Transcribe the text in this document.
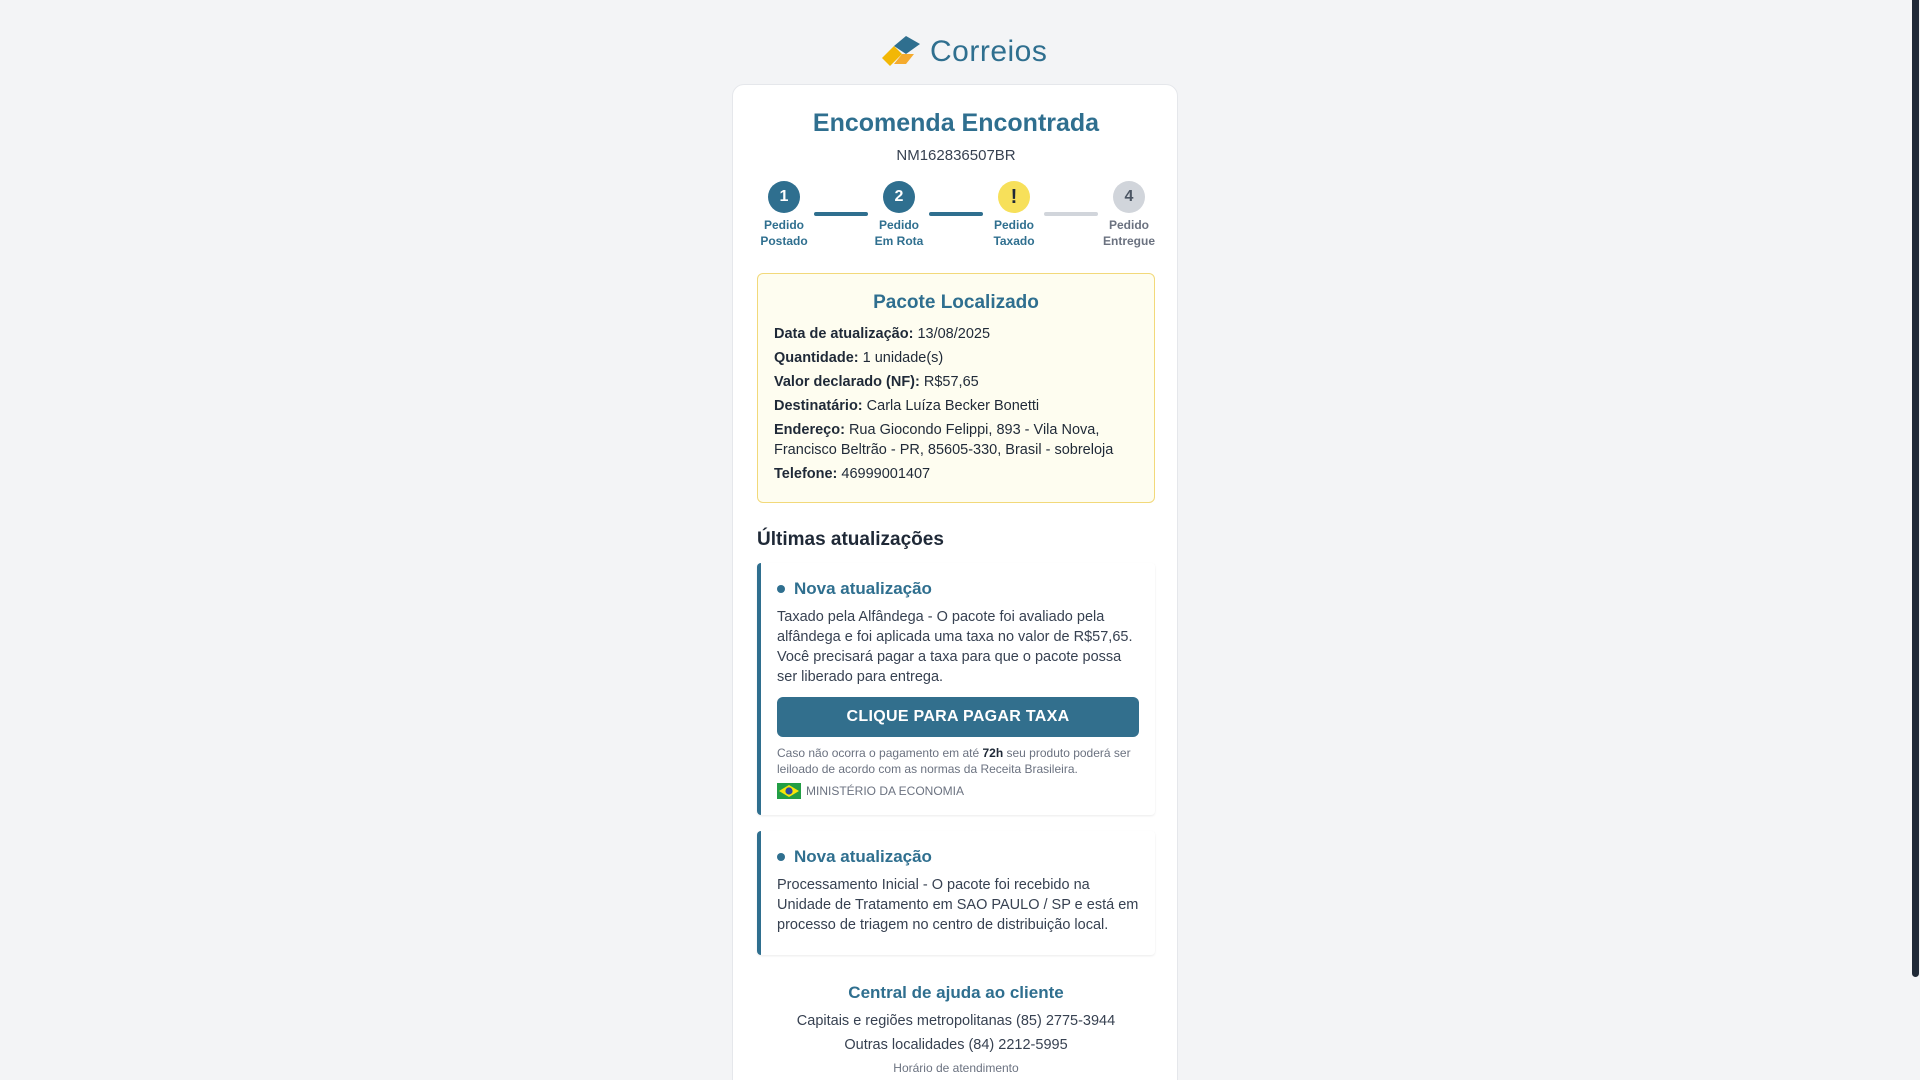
Correios
Encomenda Encontrada
NM162836507BR
1
Pedido
Postado
2
Pedido
Em Rota
!
Pedido
Taxado
4
Pedido
Entregue
Pacote Localizado
Data de atualização: 13/08/2025
Quantidade: 1 unidade(s)
Valor declarado (NF): R$57,65
Destinatário: Carla Luíza Becker Bonetti
Endereço: Rua Giocondo Felippi, 893 - Vila Nova, Francisco Beltrão - PR, 85605-330, Brasil - sobreloja
Telefone: 46999001407
Últimas atualizações
Nova atualização
Taxado pela Alfândega - O pacote foi avaliado pela alfândega e foi aplicada uma taxa no valor de R$57,65. Você precisará pagar a taxa para que o pacote possa ser liberado para entrega.
CLIQUE PARA PAGAR TAXA
Caso não ocorra o pagamento em até 72h seu produto poderá ser leiloado de acordo com as normas da Receita Brasileira.
MINISTÉRIO DA ECONOMIA
Nova atualização
Processamento Inicial - O pacote foi recebido na Unidade de Tratamento em SAO PAULO / SP e está em processo de triagem no centro de distribuição local.
Central de ajuda ao cliente
Capitais e regiões metropolitanas (85) 2775-3944
Outras localidades (84) 2212-5995
Horário de atendimento
